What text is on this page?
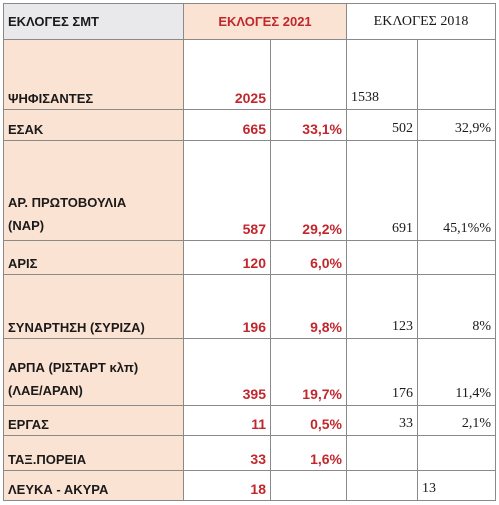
ΕΚΛΟΓΕΣ ΣΜΤ	ΕΚΛΟΓΕΣ 2021		ΕΚΛΟΓΕΣ 2018	
ΨΗΦΙΣΑΝΤΕΣ	2025		1538	
ΕΣΑΚ	665	33,1%	502	32,9%

ΑΡ. ΠΡΩΤΟΒΟΥΛΙΑ
(ΝΑΡ)	587	29,2%	691	45,1%%
ΑΡΙΣ	120	6,0%		
ΣΥΝΑΡΤΗΣΗ (ΣΥΡΙΖΑ)	196	9,8%	123	8%

ΑΡΠΑ (ΡΙΣΤΑΡΤ κλπ)
(ΛΑΕ/ΑΡΑΝ)	395	19,7%	176	11,4%
ΕΡΓΑΣ	11	0,5%	33	2,1%
ΤΑΞ.ΠΟΡΕΙΑ	33	1,6%		
ΛΕΥΚΑ - ΑΚΥΡΑ	18			13
